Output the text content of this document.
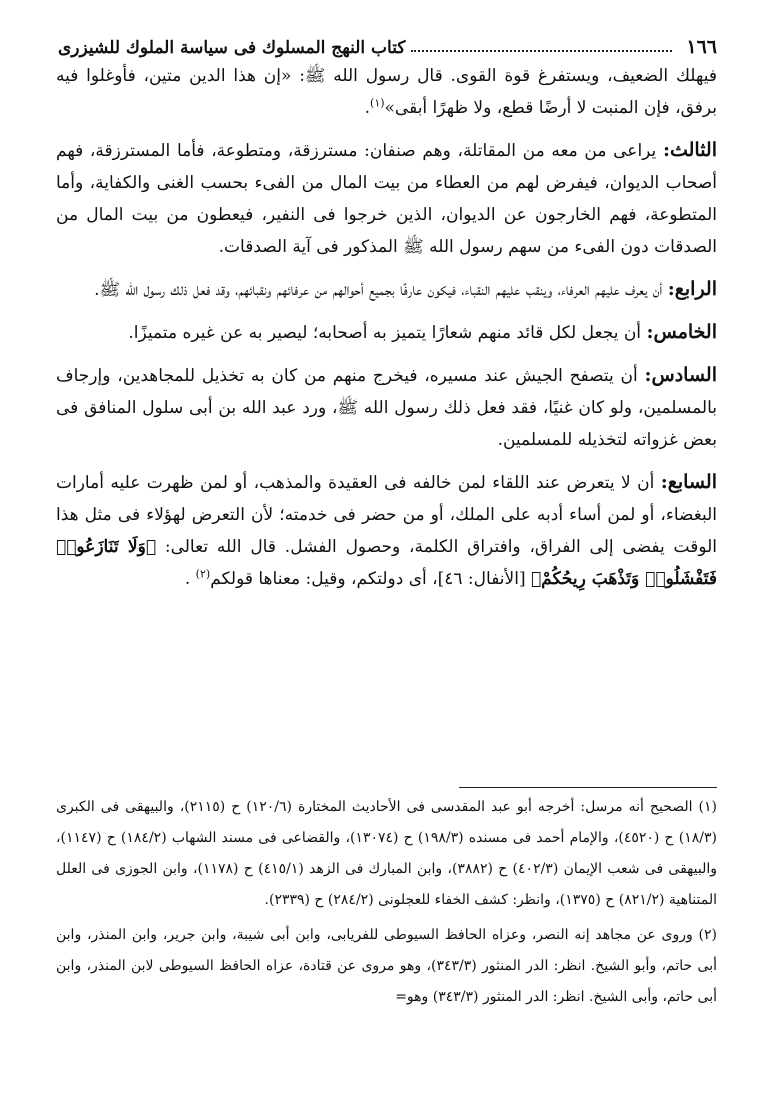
١٦٦
كتاب النهج المسلوك فى سياسة الملوك للشيزرى

فيهلك الضعيف، ويستفرغ قوة القوى. قال رسول الله ﷺ: «إن هذا الدين متين، فأوغلوا فيه برفق، فإن المنبت لا أرضًا قطع، ولا ظهرًا أبقى»$^{(١)}$.

الثالث: يراعى من معه من المقاتلة، وهم صنفان: مسترزقة، ومتطوعة، فأما المسترزقة، فهم أصحاب الديوان، فيفرض لهم من العطاء من بيت المال من الفىء بحسب الغنى والكفاية، وأما المتطوعة، فهم الخارجون عن الديوان، الذين خرجوا فى النفير، فيعطون من بيت المال من الصدقات دون الفىء من سهم رسول الله ﷺ المذكور فى آية الصدقات.

الرابع: أن يعرف عليهم العرفاء، وينقب عليهم النقباء، فيكون عارفًا بجميع أحوالهم من عرفائهم ونقبائهم، وقد فعل ذلك رسول الله ﷺ.

الخامس: أن يجعل لكل قائد منهم شعارًا يتميز به أصحابه؛ ليصير به عن غيره متميزًا.

السادس: أن يتصفح الجيش عند مسيره، فيخرج منهم من كان به تخذيل للمجاهدين، وإرجاف بالمسلمين، ولو كان غنيًا، فقد فعل ذلك رسول الله ﷺ، ورد عبد الله بن أبى سلول المنافق فى بعض غزواته لتخذيله للمسلمين.

السابع: أن لا يتعرض عند اللقاء لمن خالفه فى العقيدة والمذهب، أو لمن ظهرت عليه أمارات البغضاء، أو لمن أساء أدبه على الملك، أو من حضر فى خدمته؛ لأن التعرض لهؤلاء فى مثل هذا الوقت يفضى إلى الفراق، وافتراق الكلمة، وحصول الفشل. قال الله تعالى: ﴿وَلَا تَنَازَعُوا۟ فَتَفْشَلُوا۟ وَتَذْهَبَ رِيحُكُمْ﴾ [الأنفال: ٤٦]، أى دولتكم، وقيل: معناها قولكم$^{(٢)}$ .

(١) الصحيح أنه مرسل: أخرجه أبو عبد المقدسى فى الأحاديث المختارة (١٢٠/٦) ح (٢١١٥)، والبيهقى فى الكبرى (١٨/٣) ح (٤٥٢٠)، والإمام أحمد فى مسنده (١٩٨/٣) ح (١٣٠٧٤)، والقضاعى فى مسند الشهاب (١٨٤/٢) ح (١١٤٧)، والبيهقى فى شعب الإيمان (٤٠٢/٣) ح (٣٨٨٢)، وابن المبارك فى الزهد (٤١٥/١) ح (١١٧٨)، وابن الجوزى فى العلل المتناهية (٨٢١/٢) ح (١٣٧٥)، وانظر: كشف الخفاء للعجلونى (٢٨٤/٢) ح (٢٣٣٩).

(٢) وروى عن مجاهد إنه النصر، وعزاه الحافظ السيوطى للفريابى، وابن أبى شيبة، وابن جرير، وابن المنذر، وابن أبى حاتم، وأبو الشيخ. انظر: الدر المنثور (٣٤٣/٣)، وهو مروى عن قتادة، عزاه الحافظ السيوطى لابن المنذر، وابن أبى حاتم، وأبى الشيخ. انظر: الدر المنثور (٣٤٣/٣) وهو=
